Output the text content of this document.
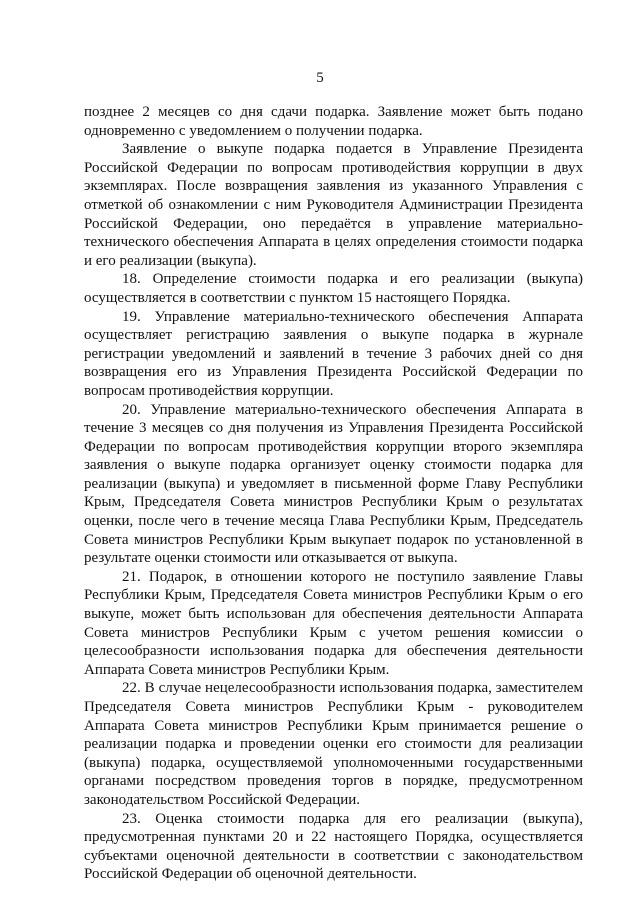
5

позднее 2 месяцев со дня сдачи подарка. Заявление может быть подано одновременно с уведомлением о получении подарка.

Заявление о выкупе подарка подается в Управление Президента Российской Федерации по вопросам противодействия коррупции в двух экземплярах. После возвращения заявления из указанного Управления с отметкой об ознакомлении с ним Руководителя Администрации Президента Российской Федерации, оно передаётся в управление материально-технического обеспечения Аппарата в целях определения стоимости подарка и его реализации (выкупа).

18. Определение стоимости подарка и его реализации (выкупа) осуществляется в соответствии с пунктом 15 настоящего Порядка.

19. Управление материально-технического обеспечения Аппарата осуществляет регистрацию заявления о выкупе подарка в журнале регистрации уведомлений и заявлений в течение 3 рабочих дней со дня возвращения его из Управления Президента Российской Федерации по вопросам противодействия коррупции.

20. Управление материально-технического обеспечения Аппарата в течение 3 месяцев со дня получения из Управления Президента Российской Федерации по вопросам противодействия коррупции второго экземпляра заявления о выкупе подарка организует оценку стоимости подарка для реализации (выкупа) и уведомляет в письменной форме Главу Республики Крым, Председателя Совета министров Республики Крым о результатах оценки, после чего в течение месяца Глава Республики Крым, Председатель Совета министров Республики Крым выкупает подарок по установленной в результате оценки стоимости или отказывается от выкупа.

21. Подарок, в отношении которого не поступило заявление Главы Республики Крым, Председателя Совета министров Республики Крым о его выкупе, может быть использован для обеспечения деятельности Аппарата Совета министров Республики Крым с учетом решения комиссии о целесообразности использования подарка для обеспечения деятельности Аппарата Совета министров Республики Крым.

22. В случае нецелесообразности использования подарка, заместителем Председателя Совета министров Республики Крым - руководителем Аппарата Совета министров Республики Крым принимается решение о реализации подарка и проведении оценки его стоимости для реализации (выкупа) подарка, осуществляемой уполномоченными государственными органами посредством проведения торгов в порядке, предусмотренном законодательством Российской Федерации.

23. Оценка стоимости подарка для его реализации (выкупа), предусмотренная пунктами 20 и 22 настоящего Порядка, осуществляется субъектами оценочной деятельности в соответствии с законодательством Российской Федерации об оценочной деятельности.
